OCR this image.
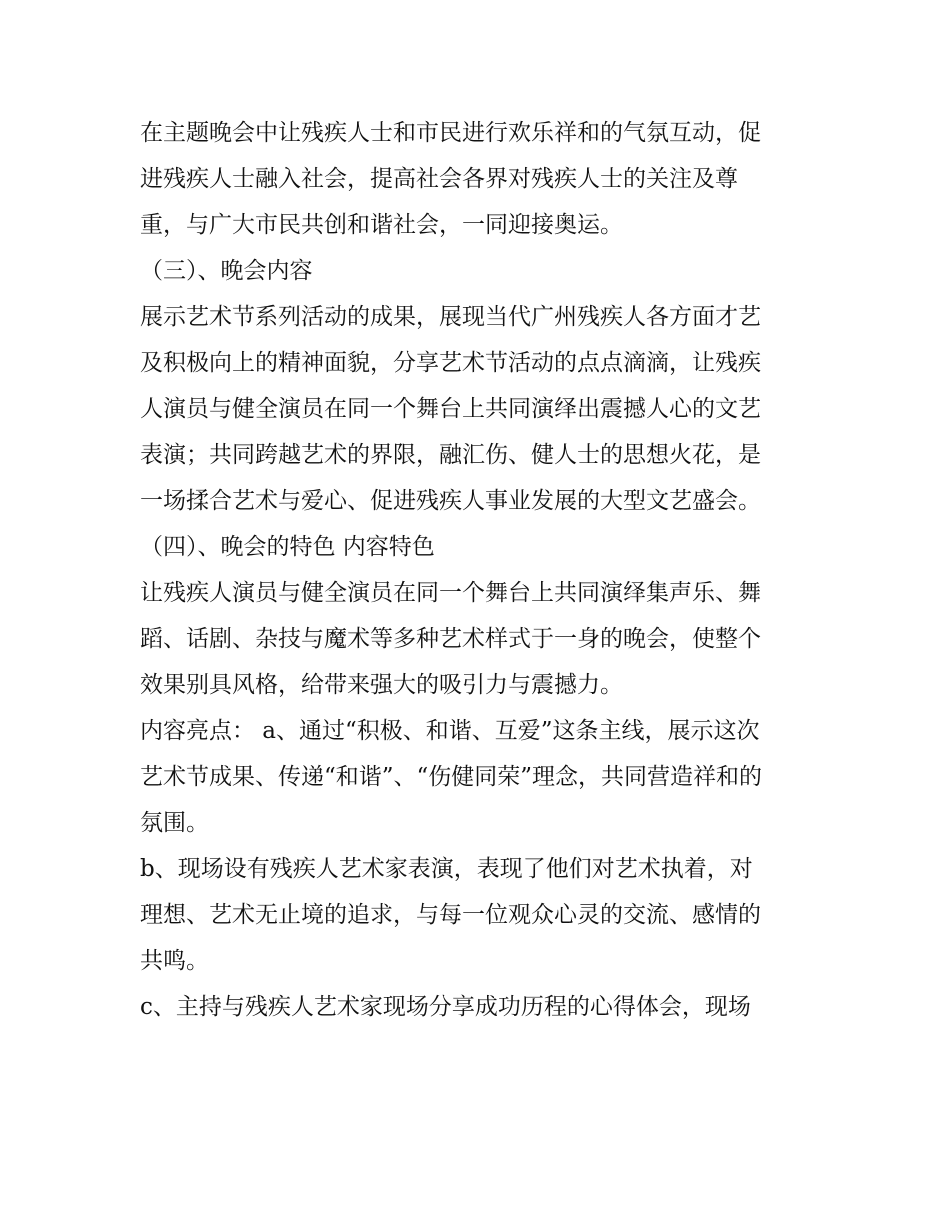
在主题晚会中让残疾人士和市民进行欢乐祥和的气氛互动，促
进残疾人士融入社会，提高社会各界对残疾人士的关注及尊
重，与广大市民共创和谐社会，一同迎接奥运。
（三）、晚会内容
展示艺术节系列活动的成果，展现当代广州残疾人各方面才艺
及积极向上的精神面貌，分享艺术节活动的点点滴滴，让残疾
人演员与健全演员在同一个舞台上共同演绎出震撼人心的文艺
表演；共同跨越艺术的界限，融汇伤、健人士的思想火花，是
一场揉合艺术与爱心、促进残疾人事业发展的大型文艺盛会。
（四）、晚会的特色 内容特色
让残疾人演员与健全演员在同一个舞台上共同演绎集声乐、舞
蹈、话剧、杂技与魔术等多种艺术样式于一身的晚会，使整个
效果别具风格，给带来强大的吸引力与震撼力。
内容亮点： a、通过“积极、和谐、互爱”这条主线，展示这次
艺术节成果、传递“和谐”、“伤健同荣”理念，共同营造祥和的
氛围。
b、现场设有残疾人艺术家表演，表现了他们对艺术执着，对
理想、艺术无止境的追求，与每一位观众心灵的交流、感情的
共鸣。
c、主持与残疾人艺术家现场分享成功历程的心得体会，现场
